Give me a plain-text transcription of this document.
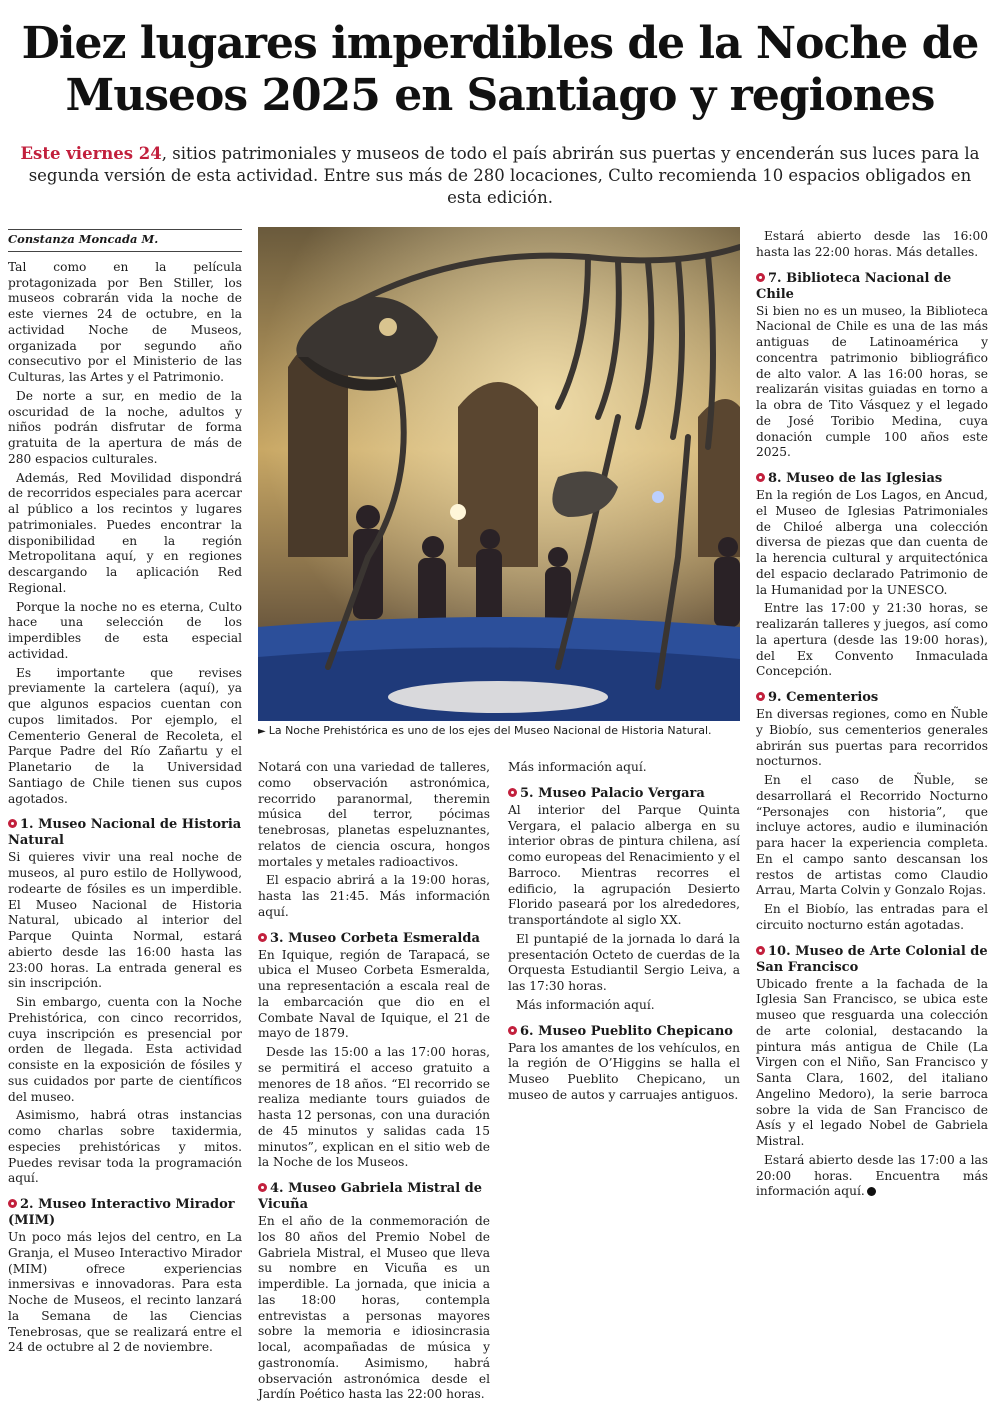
Diez lugares imperdibles de la Noche de Museos 2025 en Santiago y regiones
Este viernes 24, sitios patrimoniales y museos de todo el país abrirán sus puertas y encenderán sus luces para la segunda versión de esta actividad. Entre sus más de 280 locaciones, Culto recomienda 10 espacios obligados en esta edición.
Constanza Moncada M.

Tal como en la película protagonizada por Ben Stiller, los museos cobrarán vida la noche de este viernes 24 de octubre, en la actividad Noche de Museos, organizada por segundo año consecutivo por el Ministerio de las Culturas, las Artes y el Patrimonio.

De norte a sur, en medio de la oscuridad de la noche, adultos y niños podrán disfrutar de forma gratuita de la apertura de más de 280 espacios culturales.

Además, Red Movilidad dispondrá de recorridos especiales para acercar al público a los recintos y lugares patrimoniales. Puedes encontrar la disponibilidad en la región Metropolitana aquí, y en regiones descargando la aplicación Red Regional.

Porque la noche no es eterna, Culto hace una selección de los imperdibles de esta especial actividad.

Es importante que revises previamente la cartelera (aquí), ya que algunos espacios cuentan con cupos limitados. Por ejemplo, el Cementerio General de Recoleta, el Parque Padre del Río Zañartu y el Planetario de la Universidad Santiago de Chile tienen sus cupos agotados.

1. Museo Nacional de Historia Natural

Si quieres vivir una real noche de museos, al puro estilo de Hollywood, rodearte de fósiles es un imperdible. El Museo Nacional de Historia Natural, ubicado al interior del Parque Quinta Normal, estará abierto desde las 16:00 hasta las 23:00 horas. La entrada general es sin inscripción.

Sin embargo, cuenta con la Noche Prehistórica, con cinco recorridos, cuya inscripción es presencial por orden de llegada. Esta actividad consiste en la exposición de fósiles y sus cuidados por parte de científicos del museo.

Asimismo, habrá otras instancias como charlas sobre taxidermia, especies prehistóricas y mitos. Puedes revisar toda la programación aquí.

2. Museo Interactivo Mirador (MIM)

Un poco más lejos del centro, en La Granja, el Museo Interactivo Mirador (MIM) ofrece experiencias inmersivas e innovadoras. Para esta Noche de Museos, el recinto lanzará la Semana de las Ciencias Tenebrosas, que se realizará entre el 24 de octubre al 2 de noviembre.

► La Noche Prehistórica es uno de los ejes del Museo Nacional de Historia Natural.

Notará con una variedad de talleres, como observación astronómica, recorrido paranormal, theremin música del terror, pócimas tenebrosas, planetas espeluznantes, relatos de ciencia oscura, hongos mortales y metales radioactivos.

El espacio abrirá a la 19:00 horas, hasta las 21:45. Más información aquí.

3. Museo Corbeta Esmeralda

En Iquique, región de Tarapacá, se ubica el Museo Corbeta Esmeralda, una representación a escala real de la embarcación que dio en el Combate Naval de Iquique, el 21 de mayo de 1879.

Desde las 15:00 a las 17:00 horas, se permitirá el acceso gratuito a menores de 18 años. “El recorrido se realiza mediante tours guiados de hasta 12 personas, con una duración de 45 minutos y salidas cada 15 minutos”, explican en el sitio web de la Noche de los Museos.

4. Museo Gabriela Mistral de Vicuña

En el año de la conmemoración de los 80 años del Premio Nobel de Gabriela Mistral, el Museo que lleva su nombre en Vicuña es un imperdible. La jornada, que inicia a las 18:00 horas, contempla entrevistas a personas mayores sobre la memoria e idiosincrasia local, acompañadas de música y gastronomía. Asimismo, habrá observación astronómica desde el Jardín Poético hasta las 22:00 horas.

Más información aquí.

5. Museo Palacio Vergara

Al interior del Parque Quinta Vergara, el palacio alberga en su interior obras de pintura chilena, así como europeas del Renacimiento y el Barroco. Mientras recorres el edificio, la agrupación Desierto Florido paseará por los alrededores, transportándote al siglo XX.

El puntapié de la jornada lo dará la presentación Octeto de cuerdas de la Orquesta Estudiantil Sergio Leiva, a las 17:30 horas.

Más información aquí.

6. Museo Pueblito Chepicano

Para los amantes de los vehículos, en la región de O’Higgins se halla el Museo Pueblito Chepicano, un museo de autos y carruajes antiguos.

Estará abierto desde las 16:00 hasta las 22:00 horas. Más detalles.

7. Biblioteca Nacional de Chile

Si bien no es un museo, la Biblioteca Nacional de Chile es una de las más antiguas de Latinoamérica y concentra patrimonio bibliográfico de alto valor. A las 16:00 horas, se realizarán visitas guiadas en torno a la obra de Tito Vásquez y el legado de José Toribio Medina, cuya donación cumple 100 años este 2025.

8. Museo de las Iglesias

En la región de Los Lagos, en Ancud, el Museo de Iglesias Patrimoniales de Chiloé alberga una colección diversa de piezas que dan cuenta de la herencia cultural y arquitectónica del espacio declarado Patrimonio de la Humanidad por la UNESCO.

Entre las 17:00 y 21:30 horas, se realizarán talleres y juegos, así como la apertura (desde las 19:00 horas), del Ex Convento Inmaculada Concepción.

9. Cementerios

En diversas regiones, como en Ñuble y Biobío, sus cementerios generales abrirán sus puertas para recorridos nocturnos.

En el caso de Ñuble, se desarrollará el Recorrido Nocturno “Personajes con historia”, que incluye actores, audio e iluminación para hacer la experiencia completa. En el campo santo descansan los restos de artistas como Claudio Arrau, Marta Colvin y Gonzalo Rojas.

En el Biobío, las entradas para el circuito nocturno están agotadas.

10. Museo de Arte Colonial de San Francisco

Ubicado frente a la fachada de la Iglesia San Francisco, se ubica este museo que resguarda una colección de arte colonial, destacando la pintura más antigua de Chile (La Virgen con el Niño, San Francisco y Santa Clara, 1602, del italiano Angelino Medoro), la serie barroca sobre la vida de San Francisco de Asís y el legado Nobel de Gabriela Mistral.

Estará abierto desde las 17:00 a las 20:00 horas. Encuentra más información aquí.
